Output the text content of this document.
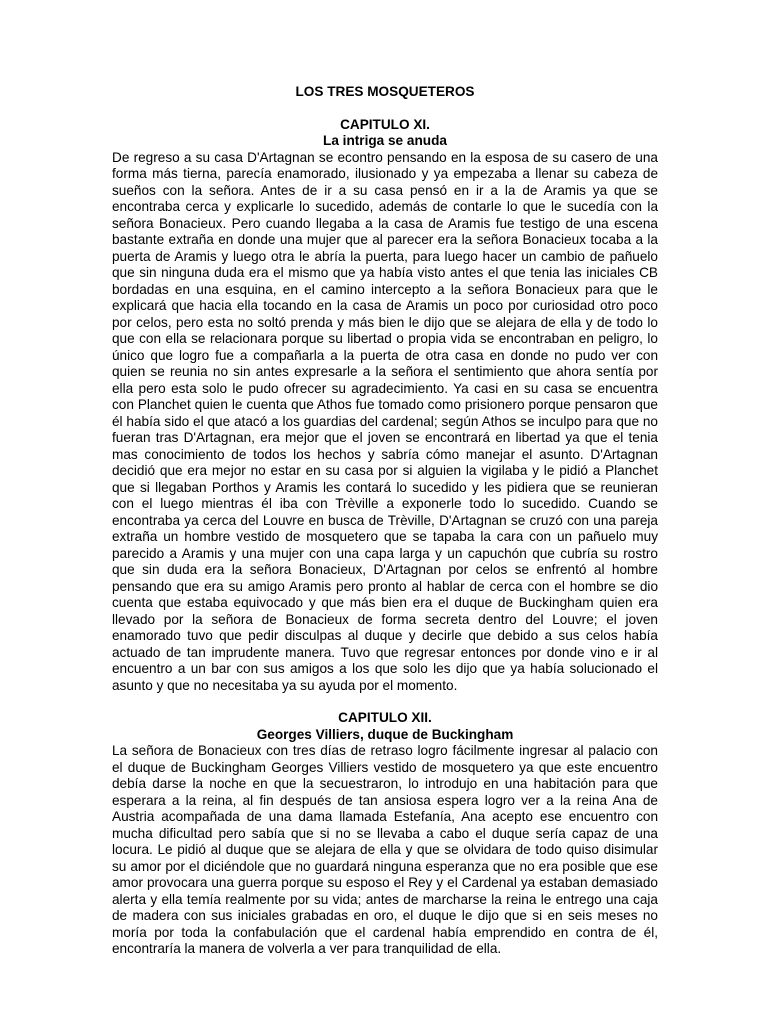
LOS TRES MOSQUETEROS

CAPITULO XI.

La intriga se anuda

De regreso a su casa D'Artagnan se econtro pensando en la esposa de su casero de una forma más tierna, parecía enamorado, ilusionado y ya empezaba a llenar su cabeza de sueños con la señora. Antes de ir a su casa pensó en ir a la de Aramis ya que se encontraba cerca y explicarle lo sucedido, además de contarle lo que le sucedía con la señora Bonacieux. Pero cuando llegaba a la casa de Aramis fue testigo de una escena bastante extraña en donde una mujer que al parecer era la señora Bonacieux tocaba a la puerta de Aramis y luego otra le abría la puerta, para luego hacer un cambio de pañuelo que sin ninguna duda era el mismo que ya había visto antes el que tenia las iniciales CB bordadas en una esquina, en el camino intercepto a la señora Bonacieux para que le explicará que hacia ella tocando en la casa de Aramis un poco por curiosidad otro poco por celos, pero esta no soltó prenda y más bien le dijo que se alejara de ella y de todo lo que con ella se relacionara porque su libertad o propia vida se encontraban en peligro, lo único que logro fue a compañarla a la puerta de otra casa en donde no pudo ver con quien se reunia no sin antes expresarle a la señora el sentimiento que ahora sentía por ella pero esta solo le pudo ofrecer su agradecimiento. Ya casi en su casa se encuentra con Planchet quien le cuenta que Athos fue tomado como prisionero porque pensaron que él había sido el que atacó a los guardias del cardenal; según Athos se inculpo para que no fueran tras D'Artagnan, era mejor que el joven se encontrará en libertad ya que el tenia mas conocimiento de todos los hechos y sabría cómo manejar el asunto. D'Artagnan decidió que era mejor no estar en su casa por si alguien la vigilaba y le pidió a Planchet que si llegaban Porthos y Aramis les contará lo sucedido y les pidiera que se reunieran con el luego mientras él iba con Trèville a exponerle todo lo sucedido. Cuando se encontraba ya cerca del Louvre en busca de Trèville, D'Artagnan se cruzó con una pareja extraña un hombre vestido de mosquetero que se tapaba la cara con un pañuelo muy parecido a Aramis y una mujer con una capa larga y un capuchón que cubría su rostro que sin duda era la señora Bonacieux, D'Artagnan por celos se enfrentó al hombre pensando que era su amigo Aramis pero pronto al hablar de cerca con el hombre se dio cuenta que estaba equivocado y que más bien era el duque de Buckingham quien era llevado por la señora de Bonacieux de forma secreta dentro del Louvre; el joven enamorado tuvo que pedir disculpas al duque y decirle que debido a sus celos había actuado de tan imprudente manera. Tuvo que regresar entonces por donde vino e ir al encuentro a un bar con sus amigos a los que solo les dijo que ya había solucionado el asunto y que no necesitaba ya su ayuda por el momento.

CAPITULO XII.

Georges Villiers, duque de Buckingham

La señora de Bonacieux con tres días de retraso logro fácilmente ingresar al palacio con el duque de Buckingham Georges Villiers vestido de mosquetero ya que este encuentro debía darse la noche en que la secuestraron, lo introdujo en una habitación para que esperara a la reina, al fin después de tan ansiosa espera logro ver a la reina Ana de Austria acompañada de una dama llamada Estefanía, Ana acepto ese encuentro con mucha dificultad pero sabía que si no se llevaba a cabo el duque sería capaz de una locura. Le pidió al duque que se alejara de ella y que se olvidara de todo quiso disimular su amor por el diciéndole que no guardará ninguna esperanza que no era posible que ese amor provocara una guerra porque su esposo el Rey y el Cardenal ya estaban demasiado alerta y ella temía realmente por su vida; antes de marcharse la reina le entrego una caja de madera con sus iniciales grabadas en oro, el duque le dijo que si en seis meses no moría por toda la confabulación que el cardenal había emprendido en contra de él, encontraría la manera de volverla a ver para tranquilidad de ella.
